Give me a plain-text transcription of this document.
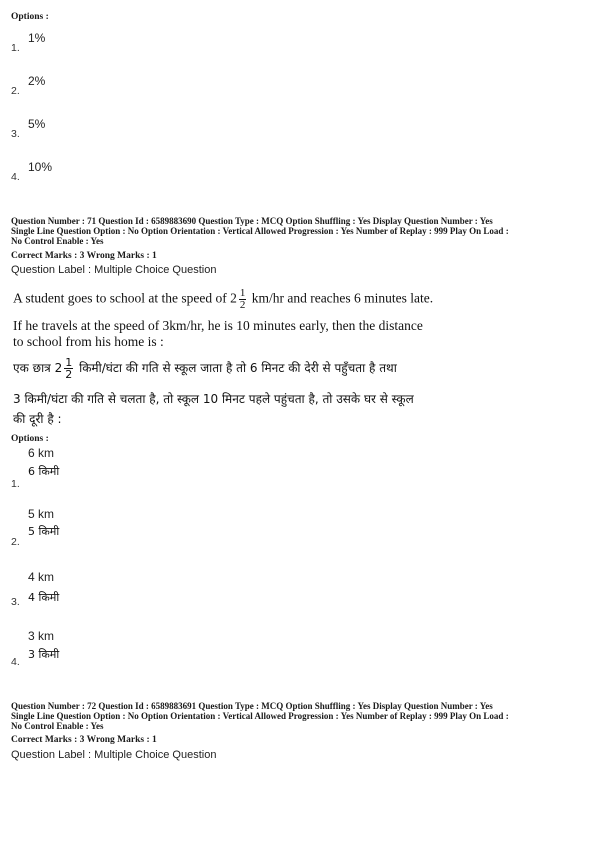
Options :
1%
1.
2%
2.
5%
3.
10%
4.
Question Number : 71 Question Id : 6589883690 Question Type : MCQ Option Shuffling : Yes Display Question Number : Yes
Single Line Question Option : No Option Orientation : Vertical Allowed Progression : Yes Number of Replay : 999 Play On Load :
No Control Enable : Yes
Correct Marks : 3 Wrong Marks : 1
Question Label : Multiple Choice Question
A student goes to school at the speed of $2 \frac{1}{2} km/hr$ and reaches 6 minutes late.
If he travels at the speed of 3km/hr, he is 10 minutes early, then the distance
to school from his home is :
एक छात्र $2 \frac{1}{2}$ किमी/घंटा की गति से स्कूल जाता है तो 6 मिनट की देरी से पहुँचता है तथा
3 किमी/घंटा की गति से चलता है, तो स्कूल 10 मिनट पहले पहुंचता है, तो उसके घर से स्कूल
की दूरी है :
Options :
6 km
6 किमी
1.
5 km
5 किमी
2.
4 km
4 किमी
3.
3 km
3 किमी
4.
Question Number : 72 Question Id : 6589883691 Question Type : MCQ Option Shuffling : Yes Display Question Number : Yes
Single Line Question Option : No Option Orientation : Vertical Allowed Progression : Yes Number of Replay : 999 Play On Load :
No Control Enable : Yes
Correct Marks : 3 Wrong Marks : 1
Question Label : Multiple Choice Question
